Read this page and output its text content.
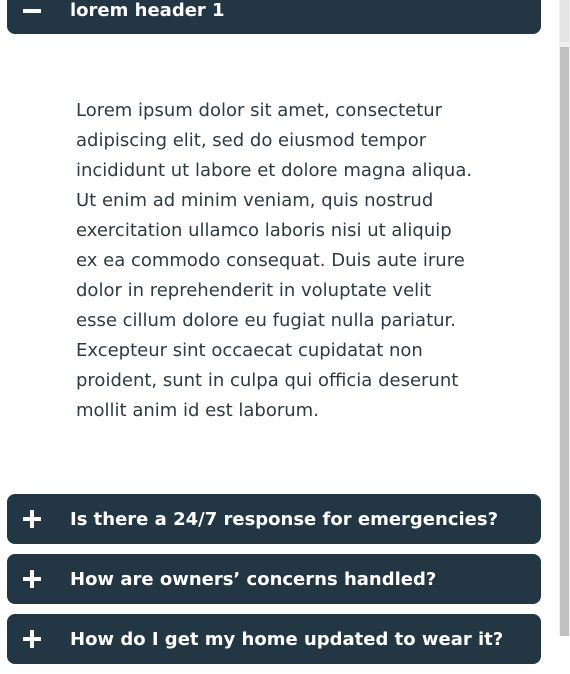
lorem header 1

Lorem ipsum dolor sit amet, consectetur adipiscing elit, sed do eiusmod tempor incididunt ut labore et dolore magna aliqua. Ut enim ad minim veniam, quis nostrud exercitation ullamco laboris nisi ut aliquip ex ea commodo consequat. Duis aute irure dolor in reprehenderit in voluptate velit esse cillum dolore eu fugiat nulla pariatur. Excepteur sint occaecat cupidatat non proident, sunt in culpa qui officia deserunt mollit anim id est laborum.

Is there a 24/7 response for emergencies?
How are owners’ concerns handled?
How do I get my home updated to wear it?
